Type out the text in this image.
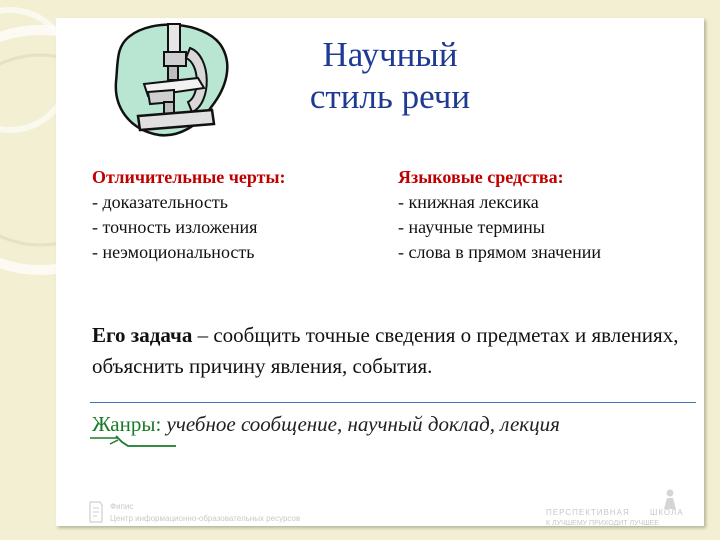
Научный
стиль речи
Отличительные черты:
- доказательность
- точность изложения
- неэмоциональность
Языковые средства:
- книжная лексика
- научные термины
- слова в прямом значении
Его задача – сообщить точные сведения о предметах и явлениях, объяснить причину явления, события.
Жанры: учебное сообщение, научный доклад, лекция
Фипис
Центр информационно-образовательных ресурсов
ПЕРСПЕКТИВНАЯ	ШКОЛА
К ЛУЧШЕМУ ПРИХОДИТ ЛУЧШЕЕ
